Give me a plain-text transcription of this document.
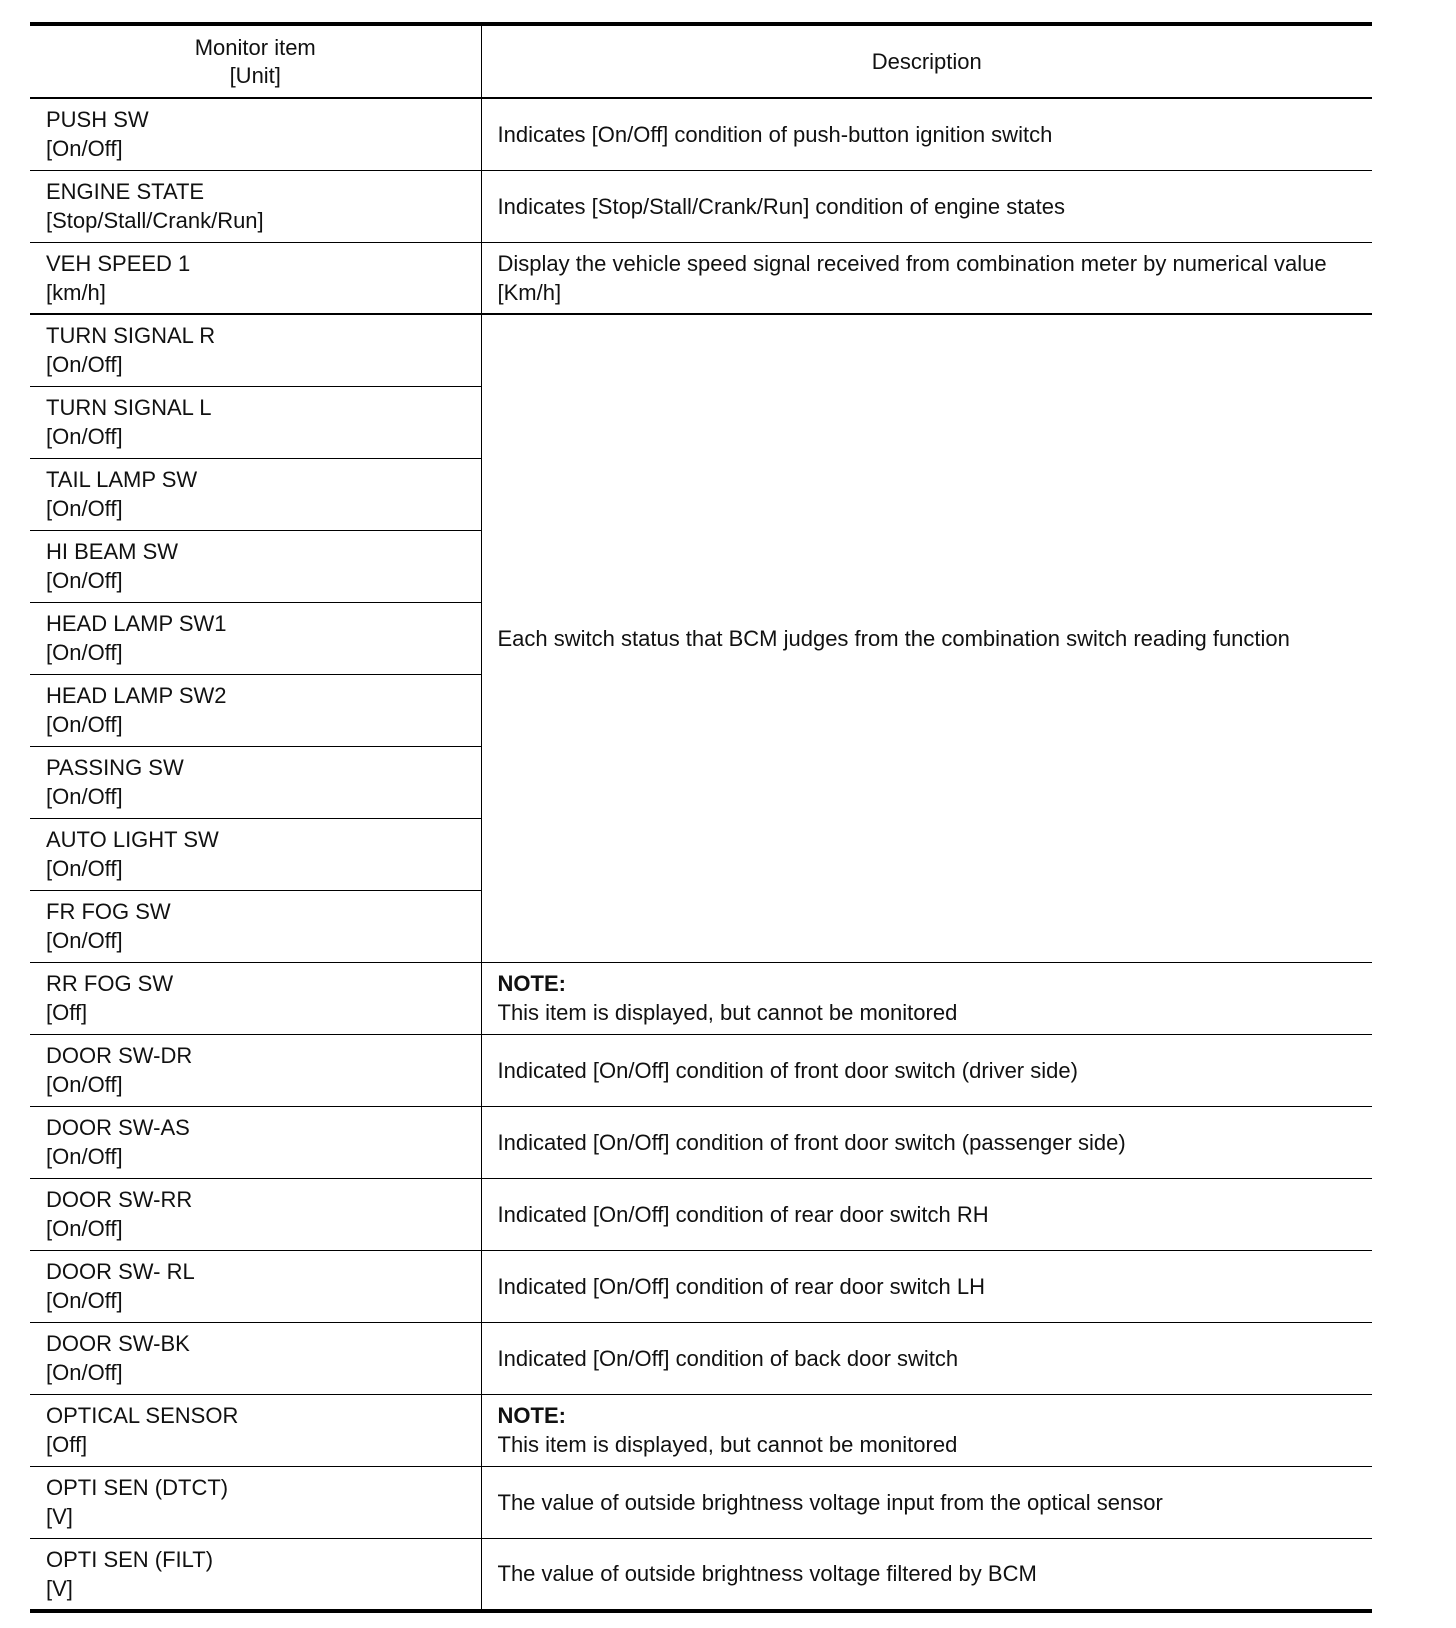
Monitor item
[Unit]	Description

PUSH SW
[On/Off]	Indicates [On/Off] condition of push-button ignition switch

ENGINE STATE
[Stop/Stall/Crank/Run]	Indicates [Stop/Stall/Crank/Run] condition of engine states

VEH SPEED 1
[km/h]	Display the vehicle speed signal received from combination meter by numerical value [Km/h]

TURN SIGNAL R
[On/Off]	Each switch status that BCM judges from the combination switch reading function

TURN SIGNAL L
[On/Off]	

TAIL LAMP SW
[On/Off]	

HI BEAM SW
[On/Off]	

HEAD LAMP SW1
[On/Off]	

HEAD LAMP SW2
[On/Off]	

PASSING SW
[On/Off]	

AUTO LIGHT SW
[On/Off]	

FR FOG SW
[On/Off]	

RR FOG SW
[Off]	NOTE:
This item is displayed, but cannot be monitored

DOOR SW-DR
[On/Off]	Indicated [On/Off] condition of front door switch (driver side)

DOOR SW-AS
[On/Off]	Indicated [On/Off] condition of front door switch (passenger side)

DOOR SW-RR
[On/Off]	Indicated [On/Off] condition of rear door switch RH

DOOR SW- RL
[On/Off]	Indicated [On/Off] condition of rear door switch LH

DOOR SW-BK
[On/Off]	Indicated [On/Off] condition of back door switch

OPTICAL SENSOR
[Off]	NOTE:
This item is displayed, but cannot be monitored

OPTI SEN (DTCT)
[V]	The value of outside brightness voltage input from the optical sensor

OPTI SEN (FILT)
[V]	The value of outside brightness voltage filtered by BCM
